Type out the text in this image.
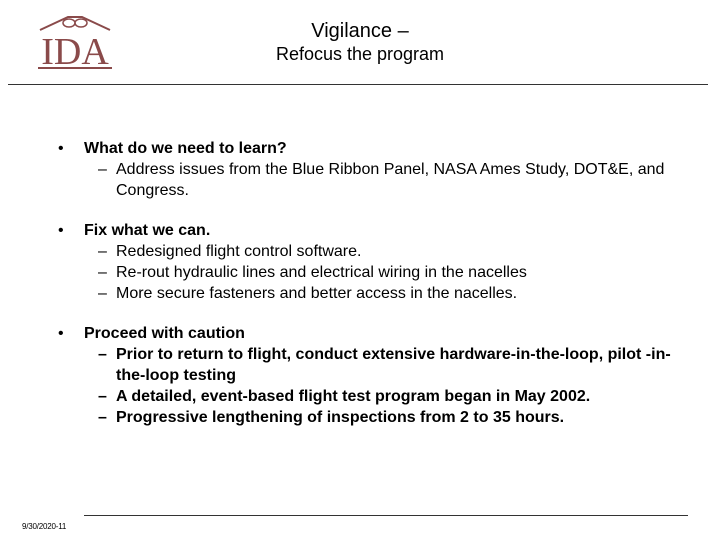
IDA	Vigilance –
Refocus the program
• What do we need to learn?
– Address issues from the Blue Ribbon Panel, NASA Ames Study, DOT&E, and Congress.
• Fix what we can.
– Redesigned flight control software.
– Re-rout hydraulic lines and electrical wiring in the nacelles
– More secure fasteners and better access in the nacelles.
• Proceed with caution
– Prior to return to flight, conduct extensive hardware-in-the-loop, pilot -in-the-loop testing
– A detailed, event-based flight test program began in May 2002.
– Progressive lengthening of inspections from 2 to 35 hours.
9/30/2020-11
